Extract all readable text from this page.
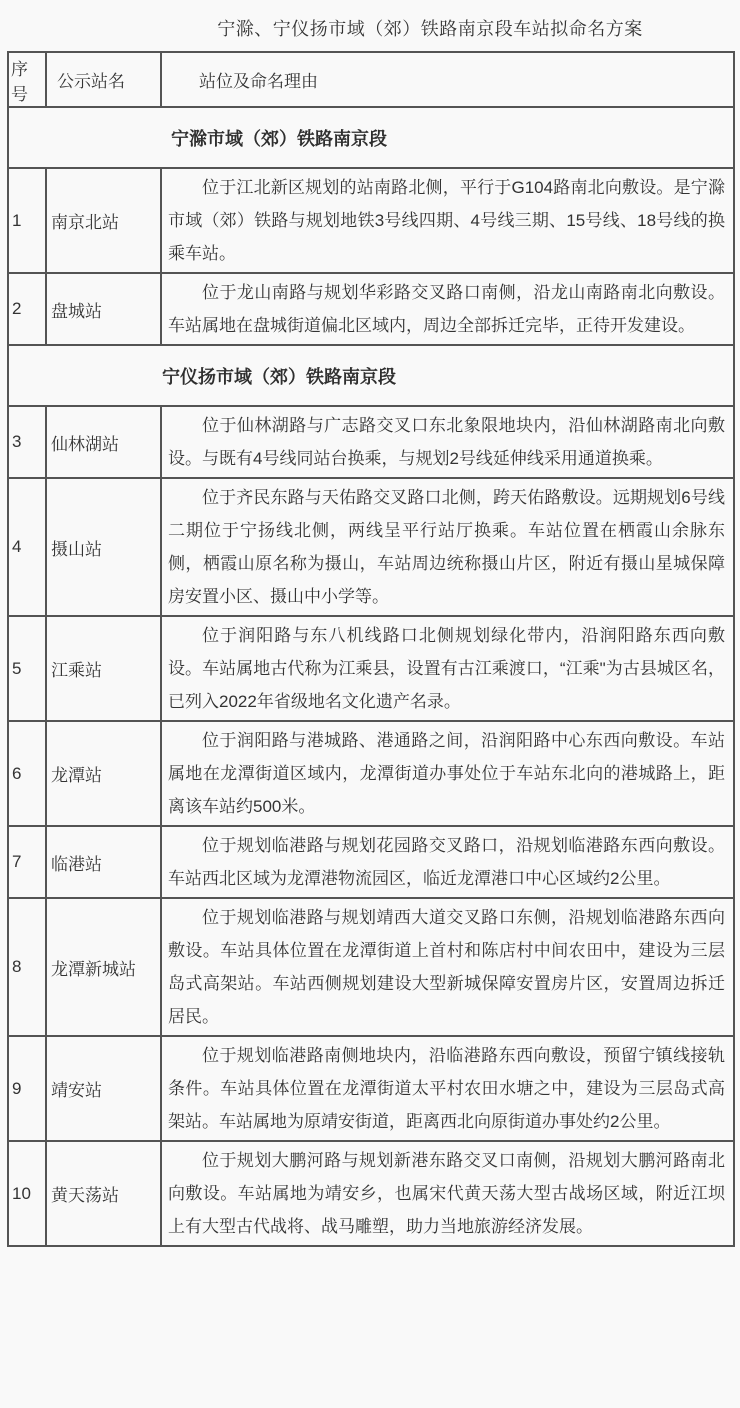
宁滁、宁仪扬市域（郊）铁路南京段车站拟命名方案
序号	公示站名	站位及命名理由
宁滁市域（郊）铁路南京段		
1	南京北站	位于江北新区规划的站南路北侧，平行于G104路南北向敷设。是宁滁市域（郊）铁路与规划地铁3号线四期、4号线三期、15号线、18号线的换乘车站。

2	盘城站	位于龙山南路与规划华彩路交叉路口南侧，沿龙山南路南北向敷设。车站属地在盘城街道偏北区域内，周边全部拆迁完毕，正待开发建设。

宁仪扬市域（郊）铁路南京段		
3	仙林湖站	位于仙林湖路与广志路交叉口东北象限地块内，沿仙林湖路南北向敷设。与既有4号线同站台换乘，与规划2号线延伸线采用通道换乘。

4	摄山站	位于齐民东路与天佑路交叉路口北侧，跨天佑路敷设。远期规划6号线二期位于宁扬线北侧，两线呈平行站厅换乘。车站位置在栖霞山余脉东侧，栖霞山原名称为摄山，车站周边统称摄山片区，附近有摄山星城保障房安置小区、摄山中小学等。

5	江乘站	位于润阳路与东八机线路口北侧规划绿化带内，沿润阳路东西向敷设。车站属地古代称为江乘县，设置有古江乘渡口，“江乘"为古县城区名，已列入2022年省级地名文化遗产名录。

6	龙潭站	位于润阳路与港城路、港通路之间，沿润阳路中心东西向敷设。车站属地在龙潭街道区域内，龙潭街道办事处位于车站东北向的港城路上，距离该车站约500米。

7	临港站	位于规划临港路与规划花园路交叉路口，沿规划临港路东西向敷设。车站西北区域为龙潭港物流园区，临近龙潭港口中心区域约2公里。

8	龙潭新城站	位于规划临港路与规划靖西大道交叉路口东侧，沿规划临港路东西向敷设。车站具体位置在龙潭街道上首村和陈店村中间农田中，建设为三层岛式高架站。车站西侧规划建设大型新城保障安置房片区，安置周边拆迁居民。

9	靖安站	位于规划临港路南侧地块内，沿临港路东西向敷设，预留宁镇线接轨条件。车站具体位置在龙潭街道太平村农田水塘之中，建设为三层岛式高架站。车站属地为原靖安街道，距离西北向原街道办事处约2公里。

10	黄天荡站	位于规划大鹏河路与规划新港东路交叉口南侧，沿规划大鹏河路南北向敷设。车站属地为靖安乡，也属宋代黄天荡大型古战场区域，附近江坝上有大型古代战将、战马雕塑，助力当地旅游经济发展。
